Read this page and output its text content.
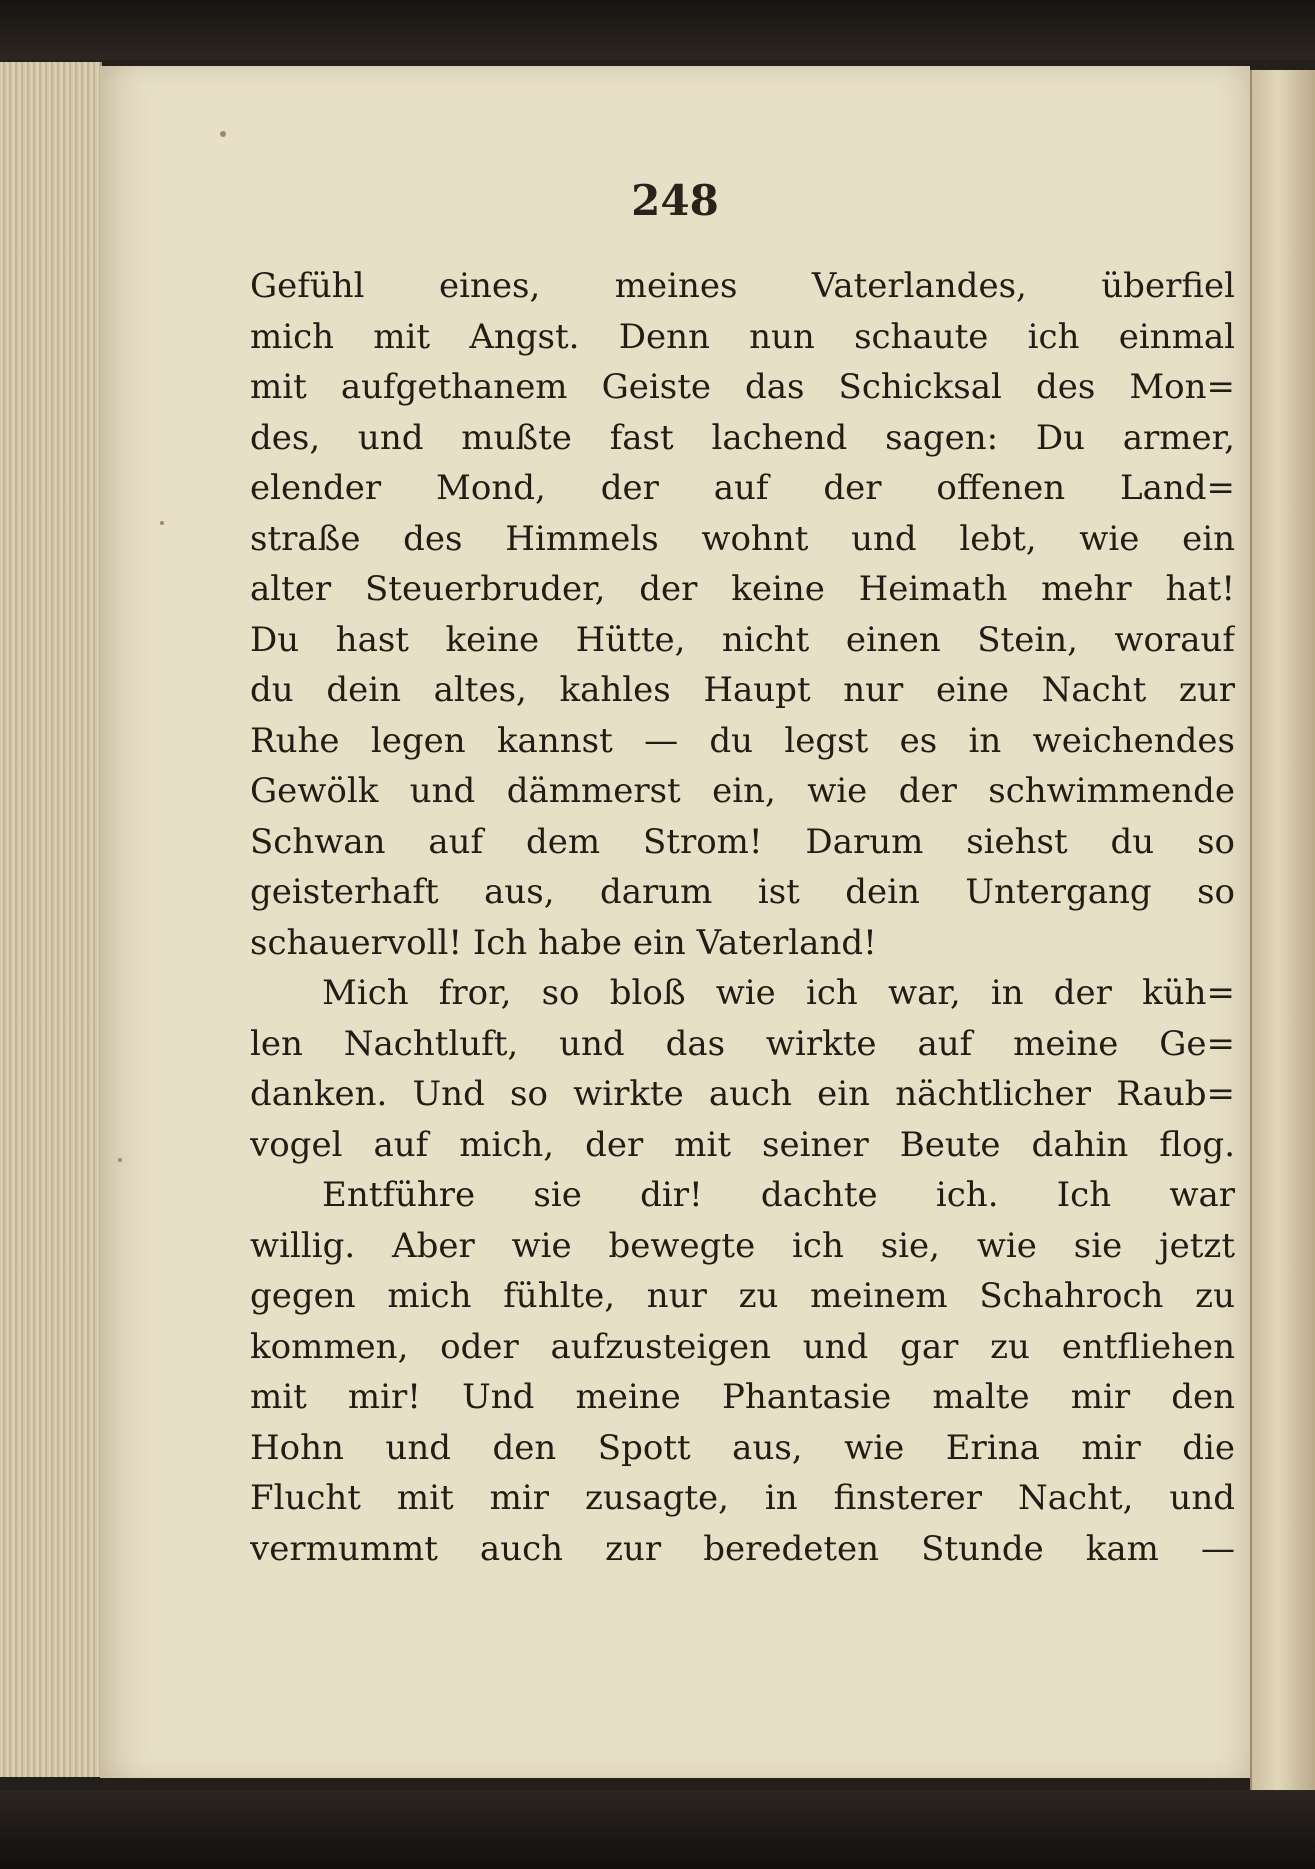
248

Gefühl eines, meines Vaterlandes, überfiel
mich mit Angst. Denn nun schaute ich einmal
mit aufgethanem Geiste das Schicksal des Mon=
des, und mußte fast lachend sagen: Du armer,
elender Mond, der auf der offenen Land=
straße des Himmels wohnt und lebt, wie ein
alter Steuerbruder, der keine Heimath mehr hat!
Du hast keine Hütte, nicht einen Stein, worauf
du dein altes, kahles Haupt nur eine Nacht zur
Ruhe legen kannst — du legst es in weichendes
Gewölk und dämmerst ein, wie der schwimmende
Schwan auf dem Strom! Darum siehst du so
geisterhaft aus, darum ist dein Untergang so
schauervoll! Ich habe ein Vaterland!
Mich fror, so bloß wie ich war, in der küh=
len Nachtluft, und das wirkte auf meine Ge=
danken. Und so wirkte auch ein nächtlicher Raub=
vogel auf mich, der mit seiner Beute dahin flog.
Entführe sie dir! dachte ich. Ich war
willig. Aber wie bewegte ich sie, wie sie jetzt
gegen mich fühlte, nur zu meinem Schahroch zu
kommen, oder aufzusteigen und gar zu entfliehen
mit mir! Und meine Phantasie malte mir den
Hohn und den Spott aus, wie Erina mir die
Flucht mit mir zusagte, in finsterer Nacht, und
vermummt auch zur beredeten Stunde kam —
